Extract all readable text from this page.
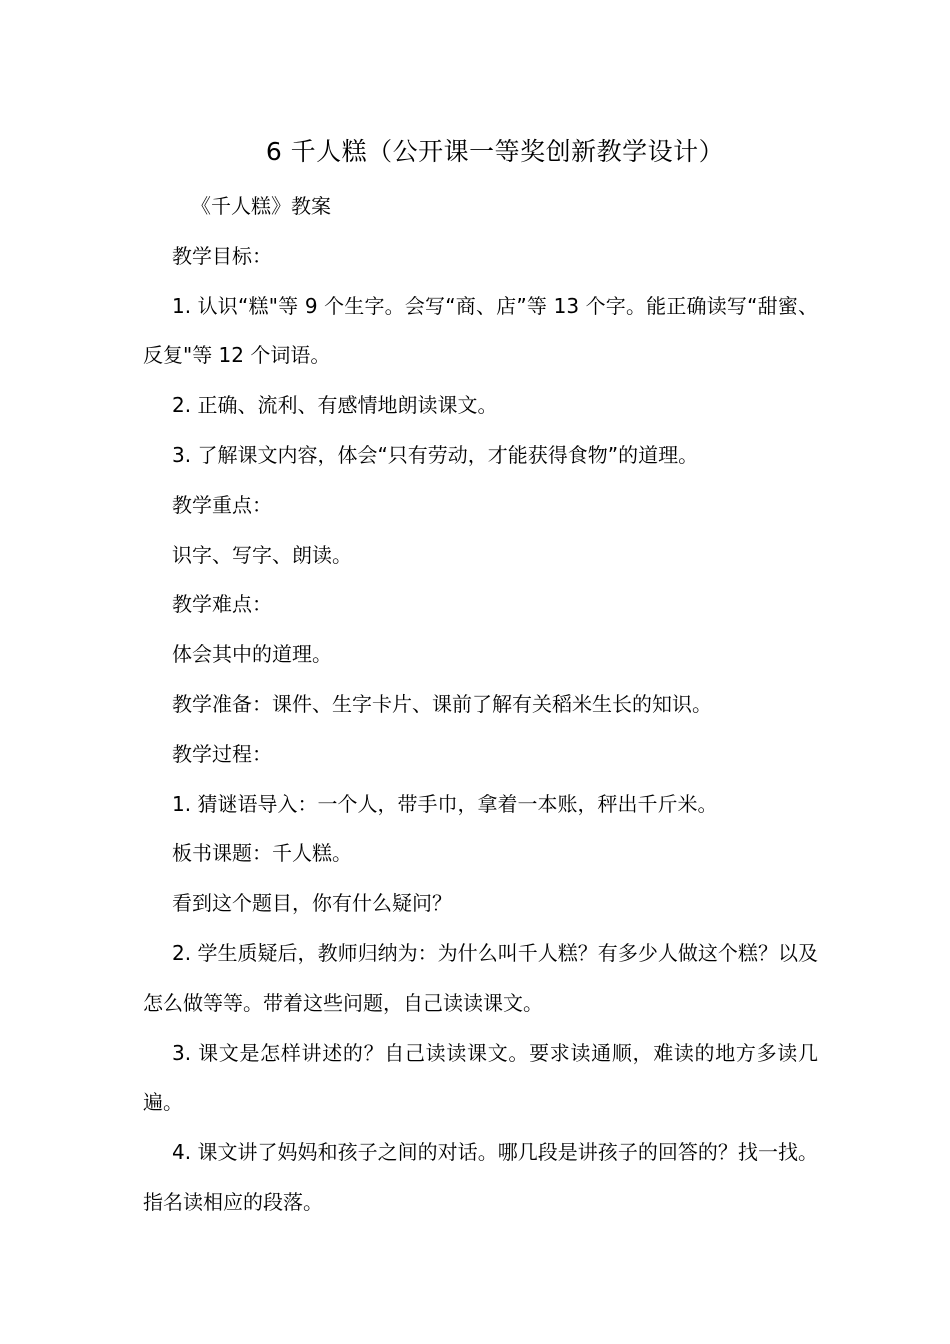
6 千人糕（公开课一等奖创新教学设计）

《千人糕》教案

教学目标：

1. 认识“糕"等 9 个生字。会写“商、店”等 13 个字。能正确读写“甜蜜、反复"等 12 个词语。

2. 正确、流利、有感情地朗读课文。

3. 了解课文内容，体会“只有劳动，才能获得食物”的道理。

教学重点：

识字、写字、朗读。

教学难点：

体会其中的道理。

教学准备：课件、生字卡片、课前了解有关稻米生长的知识。

教学过程：

1. 猜谜语导入：一个人，带手巾，拿着一本账，秤出千斤米。

板书课题：千人糕。

看到这个题目，你有什么疑问？

2. 学生质疑后，教师归纳为：为什么叫千人糕？有多少人做这个糕？以及怎么做等等。带着这些问题，自己读读课文。

3. 课文是怎样讲述的？自己读读课文。要求读通顺，难读的地方多读几遍。

4. 课文讲了妈妈和孩子之间的对话。哪几段是讲孩子的回答的？找一找。指名读相应的段落。
